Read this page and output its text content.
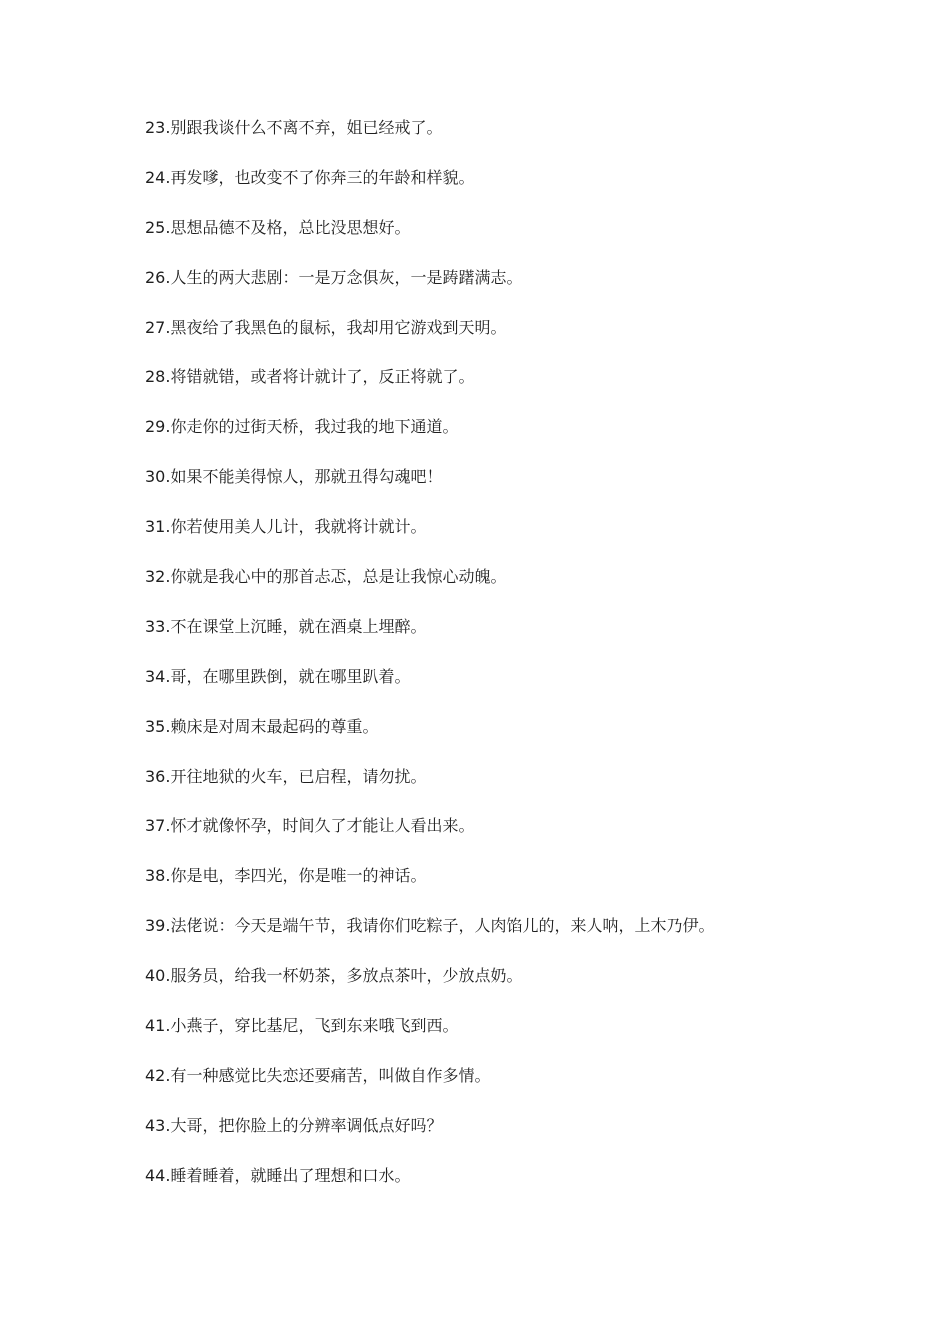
23.别跟我谈什么不离不弃，姐已经戒了。
24.再发嗲，也改变不了你奔三的年龄和样貌。
25.思想品德不及格，总比没思想好。
26.人生的两大悲剧：一是万念俱灰，一是踌躇满志。
27.黑夜给了我黑色的鼠标，我却用它游戏到天明。
28.将错就错，或者将计就计了，反正将就了。
29.你走你的过街天桥，我过我的地下通道。
30.如果不能美得惊人，那就丑得勾魂吧！
31.你若使用美人儿计，我就将计就计。
32.你就是我心中的那首忐忑，总是让我惊心动魄。
33.不在课堂上沉睡，就在酒桌上埋醉。
34.哥，在哪里跌倒，就在哪里趴着。
35.赖床是对周末最起码的尊重。
36.开往地狱的火车，已启程，请勿扰。
37.怀才就像怀孕，时间久了才能让人看出来。
38.你是电，李四光，你是唯一的神话。
39.法佬说：今天是端午节，我请你们吃粽子，人肉馅儿的，来人呐，上木乃伊。
40.服务员，给我一杯奶茶，多放点茶叶，少放点奶。
41.小燕子，穿比基尼，飞到东来哦飞到西。
42.有一种感觉比失恋还要痛苦，叫做自作多情。
43.大哥，把你脸上的分辨率调低点好吗？
44.睡着睡着，就睡出了理想和口水。
